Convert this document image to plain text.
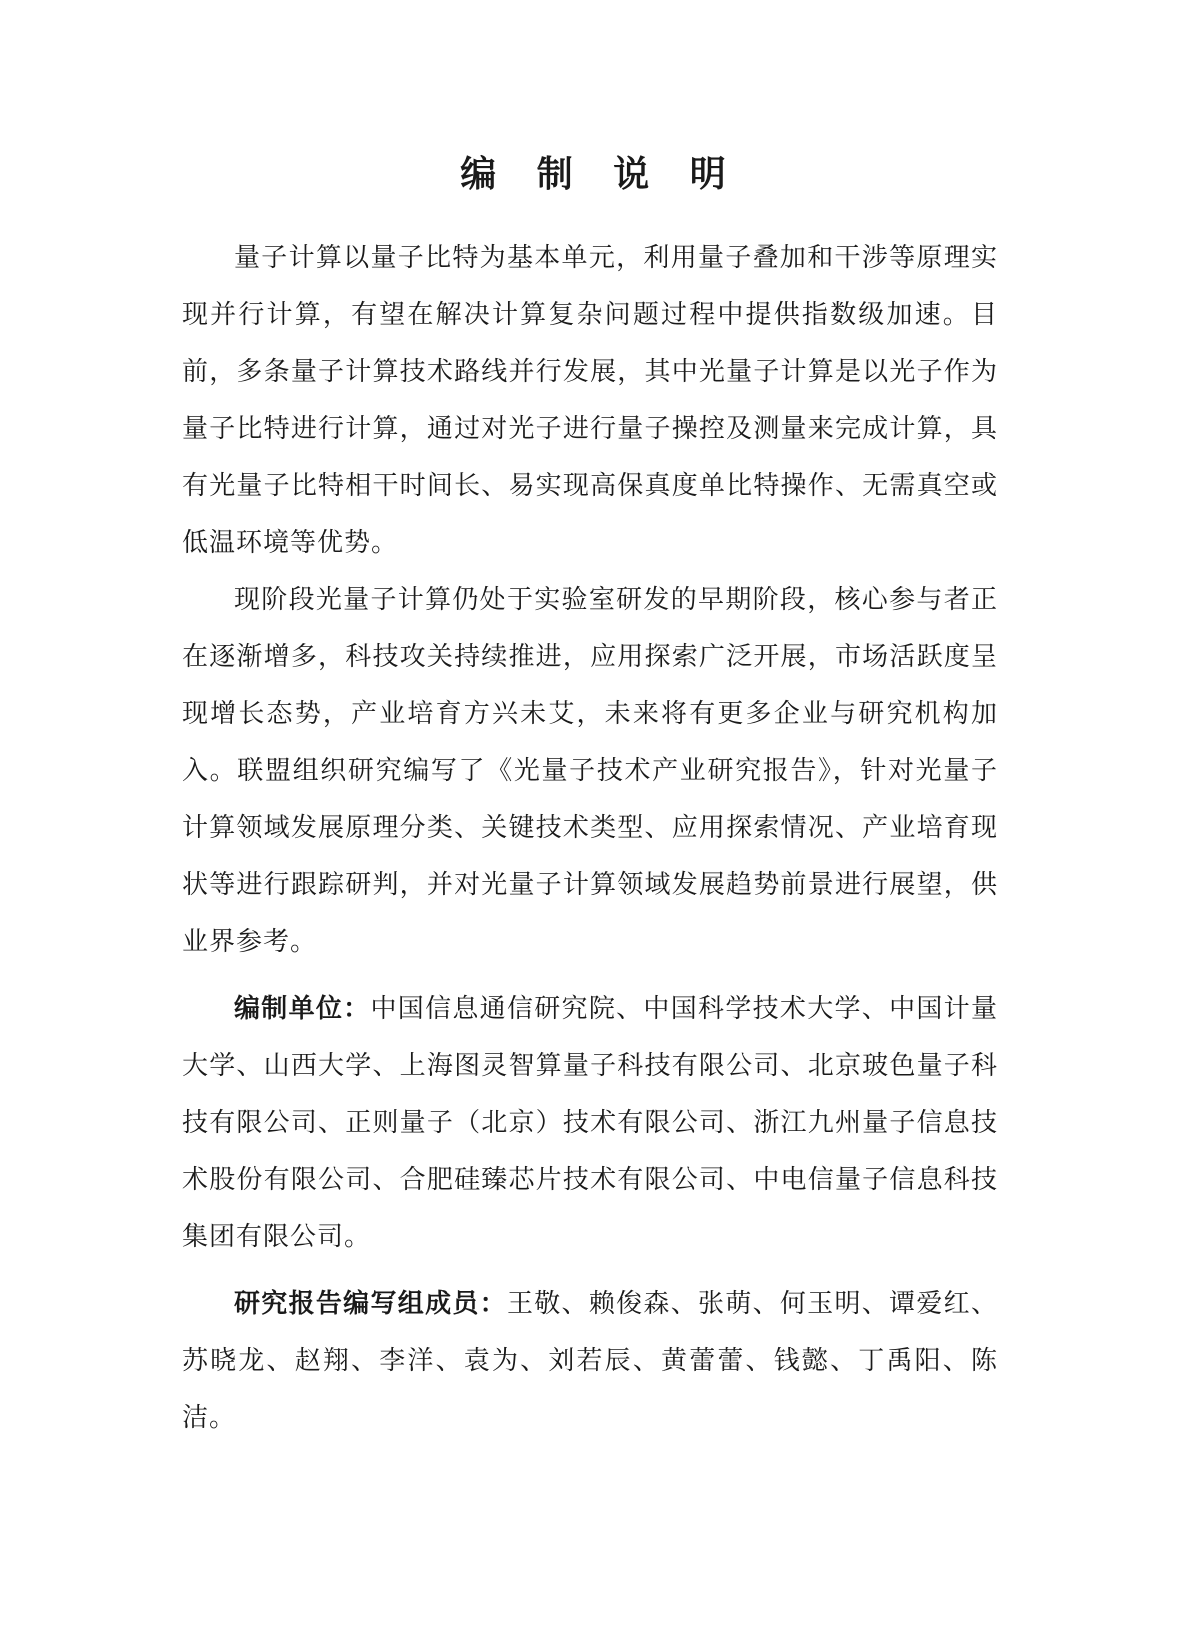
编 制 说 明

量子计算以量子比特为基本单元，利用量子叠加和干涉等原理实现并行计算，有望在解决计算复杂问题过程中提供指数级加速。目前，多条量子计算技术路线并行发展，其中光量子计算是以光子作为量子比特进行计算，通过对光子进行量子操控及测量来完成计算，具有光量子比特相干时间长、易实现高保真度单比特操作、无需真空或低温环境等优势。

现阶段光量子计算仍处于实验室研发的早期阶段，核心参与者正在逐渐增多，科技攻关持续推进，应用探索广泛开展，市场活跃度呈现增长态势，产业培育方兴未艾，未来将有更多企业与研究机构加入。联盟组织研究编写了《光量子技术产业研究报告》，针对光量子计算领域发展原理分类、关键技术类型、应用探索情况、产业培育现状等进行跟踪研判，并对光量子计算领域发展趋势前景进行展望，供业界参考。

编制单位：中国信息通信研究院、中国科学技术大学、中国计量大学、山西大学、上海图灵智算量子科技有限公司、北京玻色量子科技有限公司、正则量子（北京）技术有限公司、浙江九州量子信息技术股份有限公司、合肥硅臻芯片技术有限公司、中电信量子信息科技集团有限公司。

研究报告编写组成员：王敬、赖俊森、张萌、何玉明、谭爱红、苏晓龙、赵翔、李洋、袁为、刘若辰、黄蕾蕾、钱懿、丁禹阳、陈洁。
